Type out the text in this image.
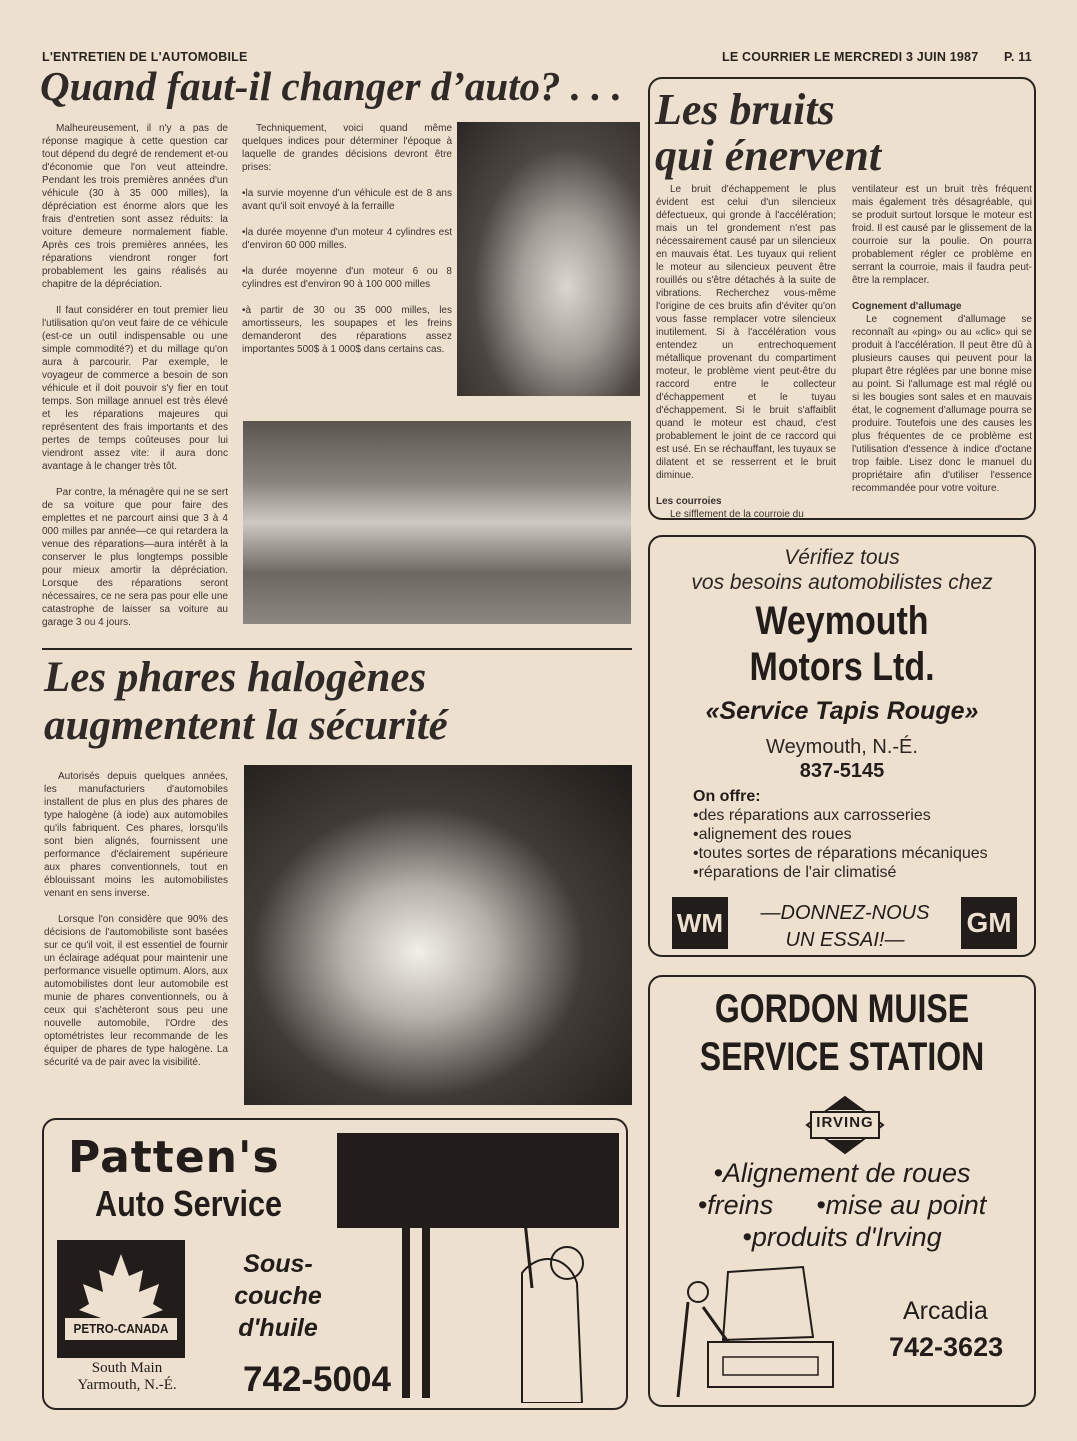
L'ENTRETIEN DE L'AUTOMOBILE	LE COURRIER LE MERCREDI 3 JUIN 1987 P. 11
Quand faut-il changer d’auto? . . .

Malheureusement, il n'y a pas de réponse magique à cette question car tout dépend du degré de rendement et-ou d'économie que l'on veut atteindre. Pendant les trois premières années d'un véhicule (30 à 35 000 milles), la dépréciation est énorme alors que les frais d'entretien sont assez réduits: la voiture demeure normalement fiable. Après ces trois premières années, les réparations viendront ronger fort probablement les gains réalisés au chapitre de la dépréciation.

Il faut considérer en tout premier lieu l'utilisation qu'on veut faire de ce véhicule (est-ce un outil indispensable ou une simple commodité?) et du millage qu'on aura à parcourir. Par exemple, le voyageur de commerce a besoin de son véhicule et il doit pouvoir s'y fier en tout temps. Son millage annuel est très élevé et les réparations majeures qui représentent des frais importants et des pertes de temps coûteuses pour lui viendront assez vite: il aura donc avantage à le changer très tôt.

Par contre, la ménagère qui ne se sert de sa voiture que pour faire des emplettes et ne parcourt ainsi que 3 à 4 000 milles par année—ce qui retardera la venue des réparations—aura intérêt à la conserver le plus longtemps possible pour mieux amortir la dépréciation. Lorsque des réparations seront nécessaires, ce ne sera pas pour elle une catastrophe de laisser sa voiture au garage 3 ou 4 jours.

Techniquement, voici quand même quelques indices pour déterminer l'époque à laquelle de grandes décisions devront être prises:

•la survie moyenne d'un véhicule est de 8 ans avant qu'il soit envoyé à la ferraille

•la durée moyenne d'un moteur 4 cylindres est d'environ 60 000 milles.

•la durée moyenne d'un moteur 6 ou 8 cylindres est d'environ 90 à 100 000 milles

•à partir de 30 ou 35 000 milles, les amortisseurs, les soupapes et les freins demanderont des réparations assez importantes 500$ à 1 000$ dans certains cas.

Les bruits
qui énervent

Le bruit d'échappement le plus évident est celui d'un silencieux défectueux, qui gronde à l'accélération; mais un tel grondement n'est pas nécessairement causé par un silencieux en mauvais état. Les tuyaux qui relient le moteur au silencieux peuvent être rouillés ou s'être détachés à la suite de vibrations. Recherchez vous-même l'origine de ces bruits afin d'éviter qu'on vous fasse remplacer votre silencieux inutilement. Si à l'accélération vous entendez un entrechoquement métallique provenant du compartiment moteur, le problème vient peut-être du raccord entre le collecteur d'échappement et le tuyau d'échappement. Si le bruit s'affaiblit quand le moteur est chaud, c'est probablement le joint de ce raccord qui est usé. En se réchauffant, les tuyaux se dilatent et se resserrent et le bruit diminue.

Les courroies

Le sifflement de la courroie du

ventilateur est un bruit très fréquent mais également très désagréable, qui se produit surtout lorsque le moteur est froid. Il est causé par le glissement de la courroie sur la poulie. On pourra probablement régler ce problème en serrant la courroie, mais il faudra peut-être la remplacer.

Cognement d'allumage

Le cognement d'allumage se reconnaît au «ping» ou au «clic» qui se produit à l'accélération. Il peut être dû à plusieurs causes qui peuvent pour la plupart être réglées par une bonne mise au point. Si l'allumage est mal réglé ou si les bougies sont sales et en mauvais état, le cognement d'allumage pourra se produire. Toutefois une des causes les plus fréquentes de ce problème est l'utilisation d'essence à indice d'octane trop faible. Lisez donc le manuel du propriétaire afin d'utiliser l'essence recommandée pour votre voiture.

Les phares halogènes
augmentent la sécurité

Autorisés depuis quelques années, les manufacturiers d'automobiles installent de plus en plus des phares de type halogène (à iode) aux automobiles qu'ils fabriquent. Ces phares, lorsqu'ils sont bien alignés, fournissent une performance d'éclairement supérieure aux phares conventionnels, tout en éblouissant moins les automobilistes venant en sens inverse.

Lorsque l'on considère que 90% des décisions de l'automobiliste sont basées sur ce qu'il voit, il est essentiel de fournir un éclairage adéquat pour maintenir une performance visuelle optimum. Alors, aux automobilistes dont leur automobile est munie de phares conventionnels, ou à ceux qui s'achèteront sous peu une nouvelle automobile, l'Ordre des optométristes leur recommande de les équiper de phares de type halogène. La sécurité va de pair avec la visibilité.

Vérifiez tous
vos besoins automobilistes chez
Weymouth
Motors Ltd.
«Service Tapis Rouge»
Weymouth, N.-É.
837-5145
On offre:
•des réparations aux carrosseries
•alignement des roues
•toutes sortes de réparations mécaniques
•réparations de l'air climatisé
WM	GM
—DONNEZ-NOUS
UN ESSAI!—
GORDON MUISE
SERVICE STATION
IRVING
•Alignement de roues
•freins •mise au point
•produits d'Irving
Arcadia
742-3623
Patten's
Auto Service
PETRO-CANADA
South Main
Yarmouth, N.-É.
Sous-
couche
d'huile
742-5004
